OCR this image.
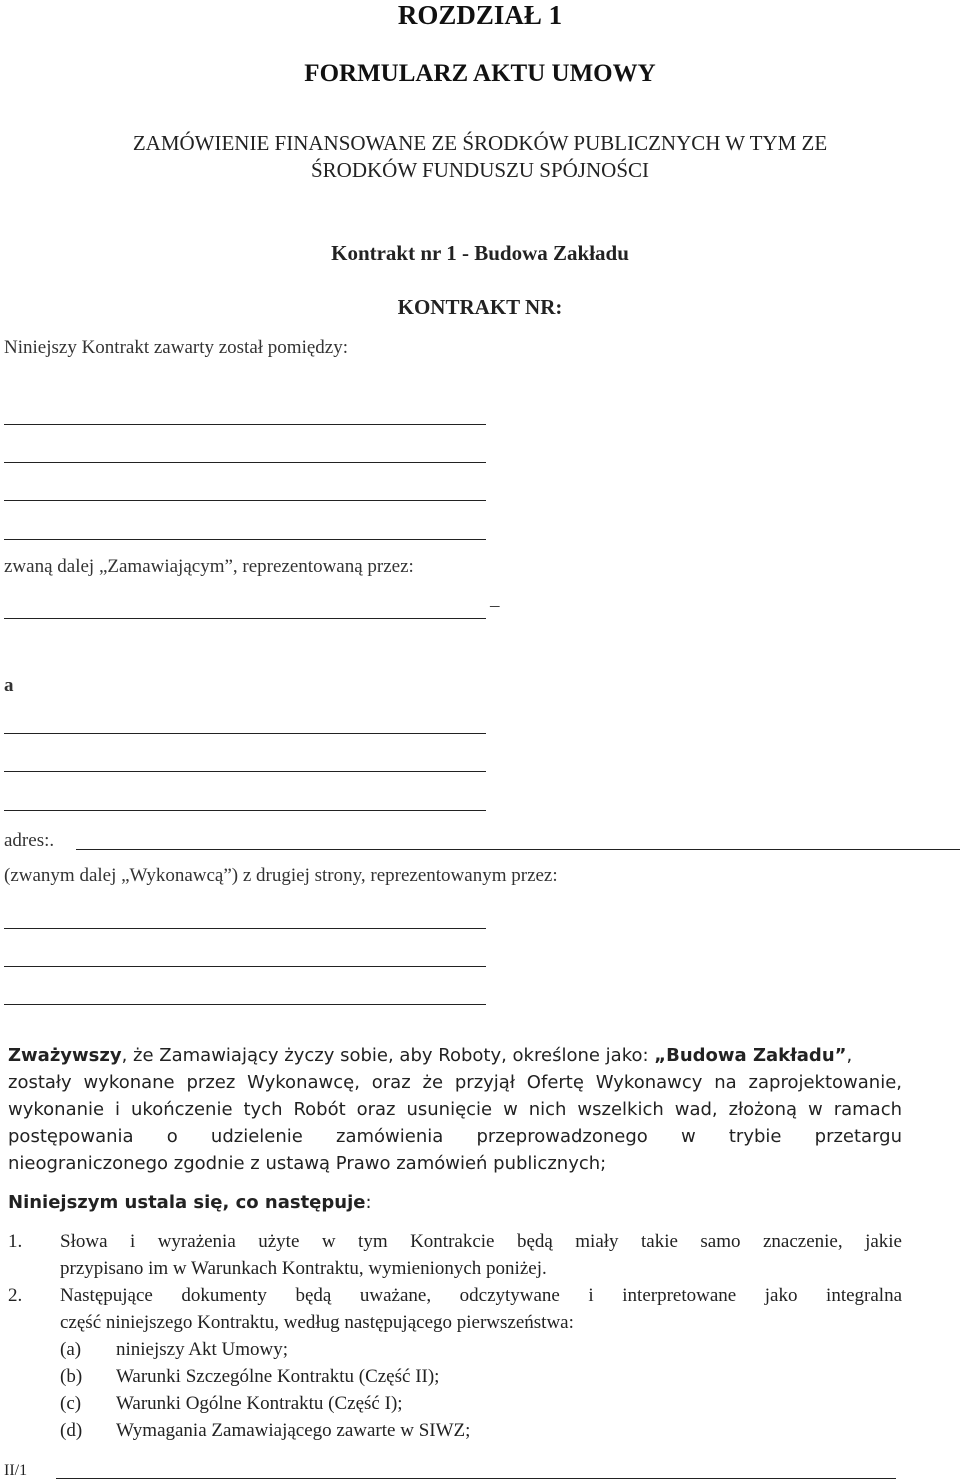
ROZDZIAŁ 1
FORMULARZ AKTU UMOWY
ZAMÓWIENIE FINANSOWANE ZE ŚRODKÓW PUBLICZNYCH W TYM ZE
ŚRODKÓW FUNDUSZU SPÓJNOŚCI
Kontrakt nr 1 - Budowa Zakładu
KONTRAKT NR:
Niniejszy Kontrakt zawarty został pomiędzy:
zwaną dalej „Zamawiającym”, reprezentowaną przez:
–
a
adres:.
(zwanym dalej „Wykonawcą”) z drugiej strony, reprezentowanym przez:
Zważywszy, że Zamawiający życzy sobie, aby Roboty, określone jako: „Budowa Zakładu”,
zostały wykonane przez Wykonawcę, oraz że przyjął Ofertę Wykonawcy na zaprojektowanie,
wykonanie i ukończenie tych Robót oraz usunięcie w nich wszelkich wad, złożoną w ramach
postępowania o udzielenie zamówienia przeprowadzonego w trybie przetargu
nieograniczonego zgodnie z ustawą Prawo zamówień publicznych;
Niniejszym ustala się, co następuje:
1. Słowa i wyrażenia użyte w tym Kontrakcie będą miały takie samo znaczenie, jakie
przypisano im w Warunkach Kontraktu, wymienionych poniżej.
2. Następujące dokumenty będą uważane, odczytywane i interpretowane jako integralna
część niniejszego Kontraktu, według następującego pierwszeństwa:
(a) niniejszy Akt Umowy;
(b) Warunki Szczególne Kontraktu (Część II);
(c) Warunki Ogólne Kontraktu (Część I);
(d) Wymagania Zamawiającego zawarte w SIWZ;
II/1
